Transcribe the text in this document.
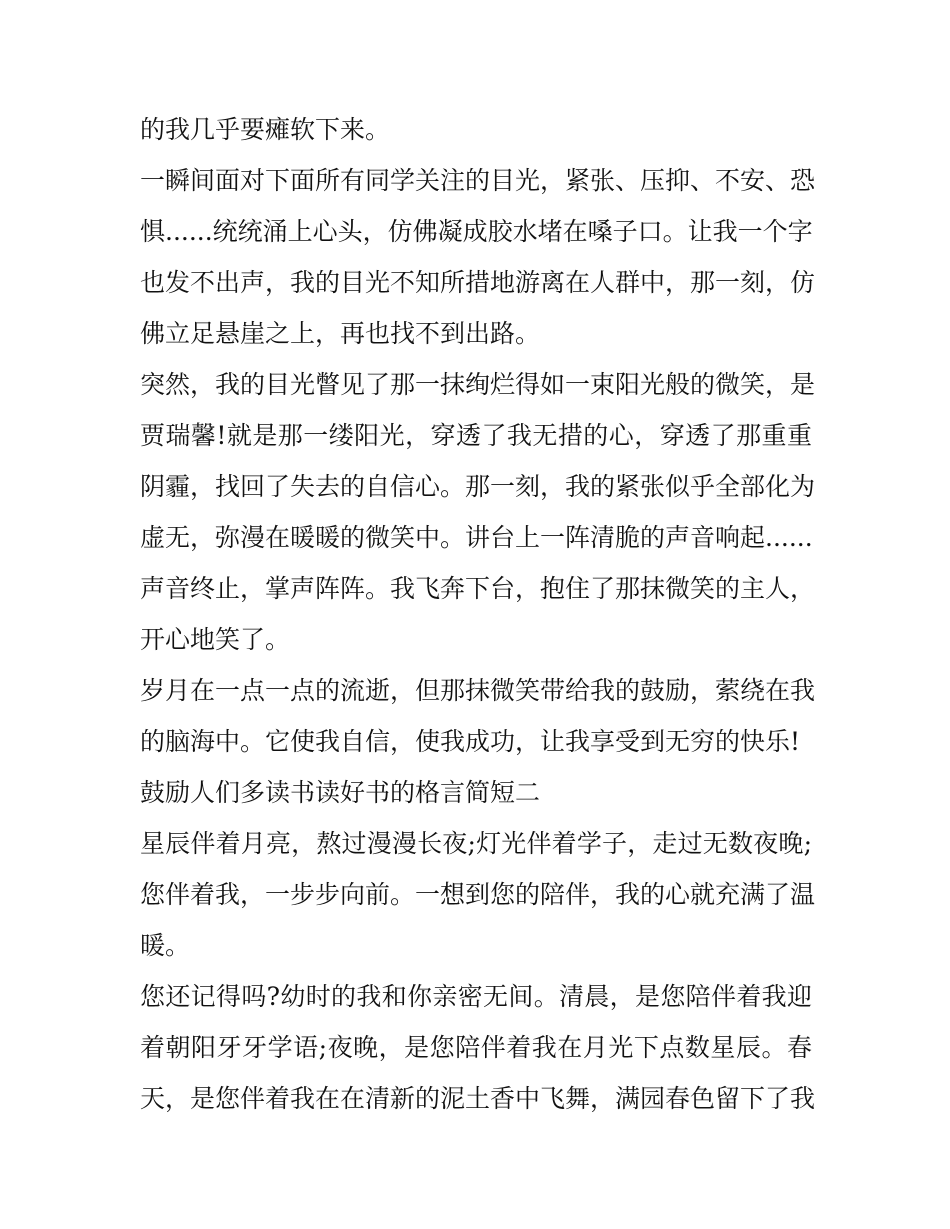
的我几乎要瘫软下来。
一瞬间面对下面所有同学关注的目光，紧张、压抑、不安、恐
惧......统统涌上心头，仿佛凝成胶水堵在嗓子口。让我一个字
也发不出声，我的目光不知所措地游离在人群中，那一刻，仿
佛立足悬崖之上，再也找不到出路。
突然，我的目光瞥见了那一抹绚烂得如一束阳光般的微笑，是
贾瑞馨!就是那一缕阳光，穿透了我无措的心，穿透了那重重
阴霾，找回了失去的自信心。那一刻，我的紧张似乎全部化为
虚无，弥漫在暖暖的微笑中。讲台上一阵清脆的声音响起......
声音终止，掌声阵阵。我飞奔下台，抱住了那抹微笑的主人，
开心地笑了。
岁月在一点一点的流逝，但那抹微笑带给我的鼓励，萦绕在我
的脑海中。它使我自信，使我成功，让我享受到无穷的快乐!
鼓励人们多读书读好书的格言简短二
星辰伴着月亮，熬过漫漫长夜;灯光伴着学子，走过无数夜晚;
您伴着我，一步步向前。一想到您的陪伴，我的心就充满了温
暖。
您还记得吗?幼时的我和你亲密无间。清晨，是您陪伴着我迎
着朝阳牙牙学语;夜晚，是您陪伴着我在月光下点数星辰。春
天，是您伴着我在在清新的泥土香中飞舞，满园春色留下了我
